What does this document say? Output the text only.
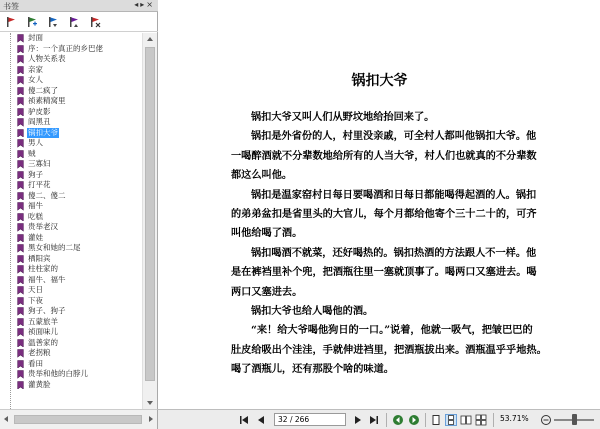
书签	◂▸×
封面
序：一个真正的乡巴佬
人物关系表
亲家
女人
傻二疯了
祯素精窝里
驴皮影
阎黑丑
锅扣大爷
男人
贼
三寡妇
狗子
打平花
傻二、傻二
福牛
吃糕
贵举老汉
灌娃
黑女和她的二尾
栖阳宾
柱柱家的
福牛、福牛
天日
下夜
狗子、狗子
五蒙旅羊
祯面味儿
温善家的
老拐粮
看田
贵举和他的白脖儿
灌黄脸
锅扣大爷
锅扣大爷又叫人们从野坟地给抬回来了。
锅扣是外省份的人，村里没亲戚，可全村人都叫他锅扣大爷。他
一喝醉酒就不分辈数地给所有的人当大爷，村人们也就真的不分辈数
都这么叫他。
锅扣是温家窑村日每日要喝酒和日每日都能喝得起酒的人。锅扣
的弟弟盆扣是省里头的大官儿，每个月都给他寄个三十二十的，可齐
叫他给喝了酒。
锅扣喝酒不就菜，还好喝热的。锅扣热酒的方法跟人不一样。他
是在裤裆里补个兜，把酒瓶往里一塞就顶事了。喝两口又塞进去。喝
两口又塞进去。
锅扣大爷也给人喝他的酒。
“来！给大爷喝他狗日的一口。”说着，他就一吸气，把皱巴巴的
肚皮给吸出个洼洼，手就伸进裆里，把酒瓶拔出来。酒瓶温乎乎地热。
喝了酒瓶儿，还有那股个啥的味道。
32 / 266	53.71%
